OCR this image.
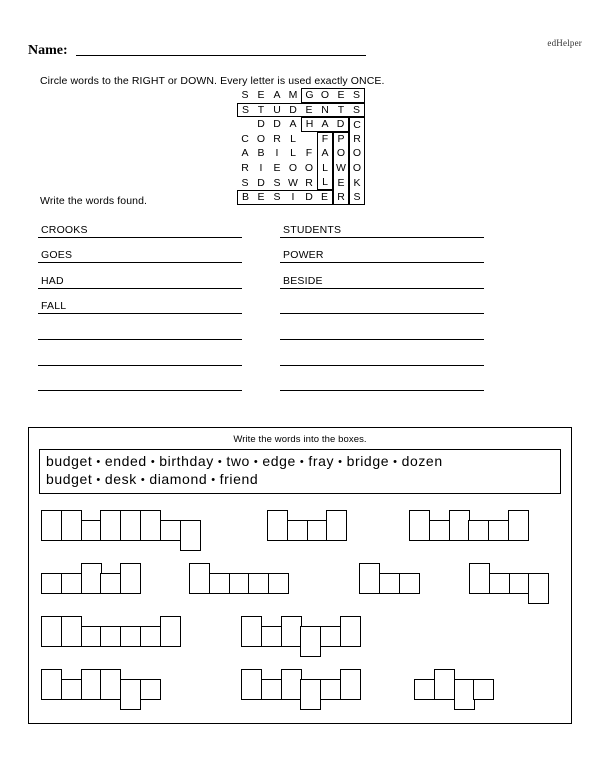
edHelper
Name:
Circle words to the RIGHT or DOWN. Every letter is used exactly ONCE.
S E A M G O E S
S T U D E N T S
D D A H A D C
C O R L	F P R
A B	I	L F A O O
R	I	E O O L W O
S D S W R L E K
B E S	I	D E R S
Write the words found.
CROOKS
GOES
HAD
FALL
STUDENTS
POWER
BESIDE
Write the words into the boxes.
budget • ended • birthday • two • edge • fray • bridge • dozen
budget • desk • diamond • friend
